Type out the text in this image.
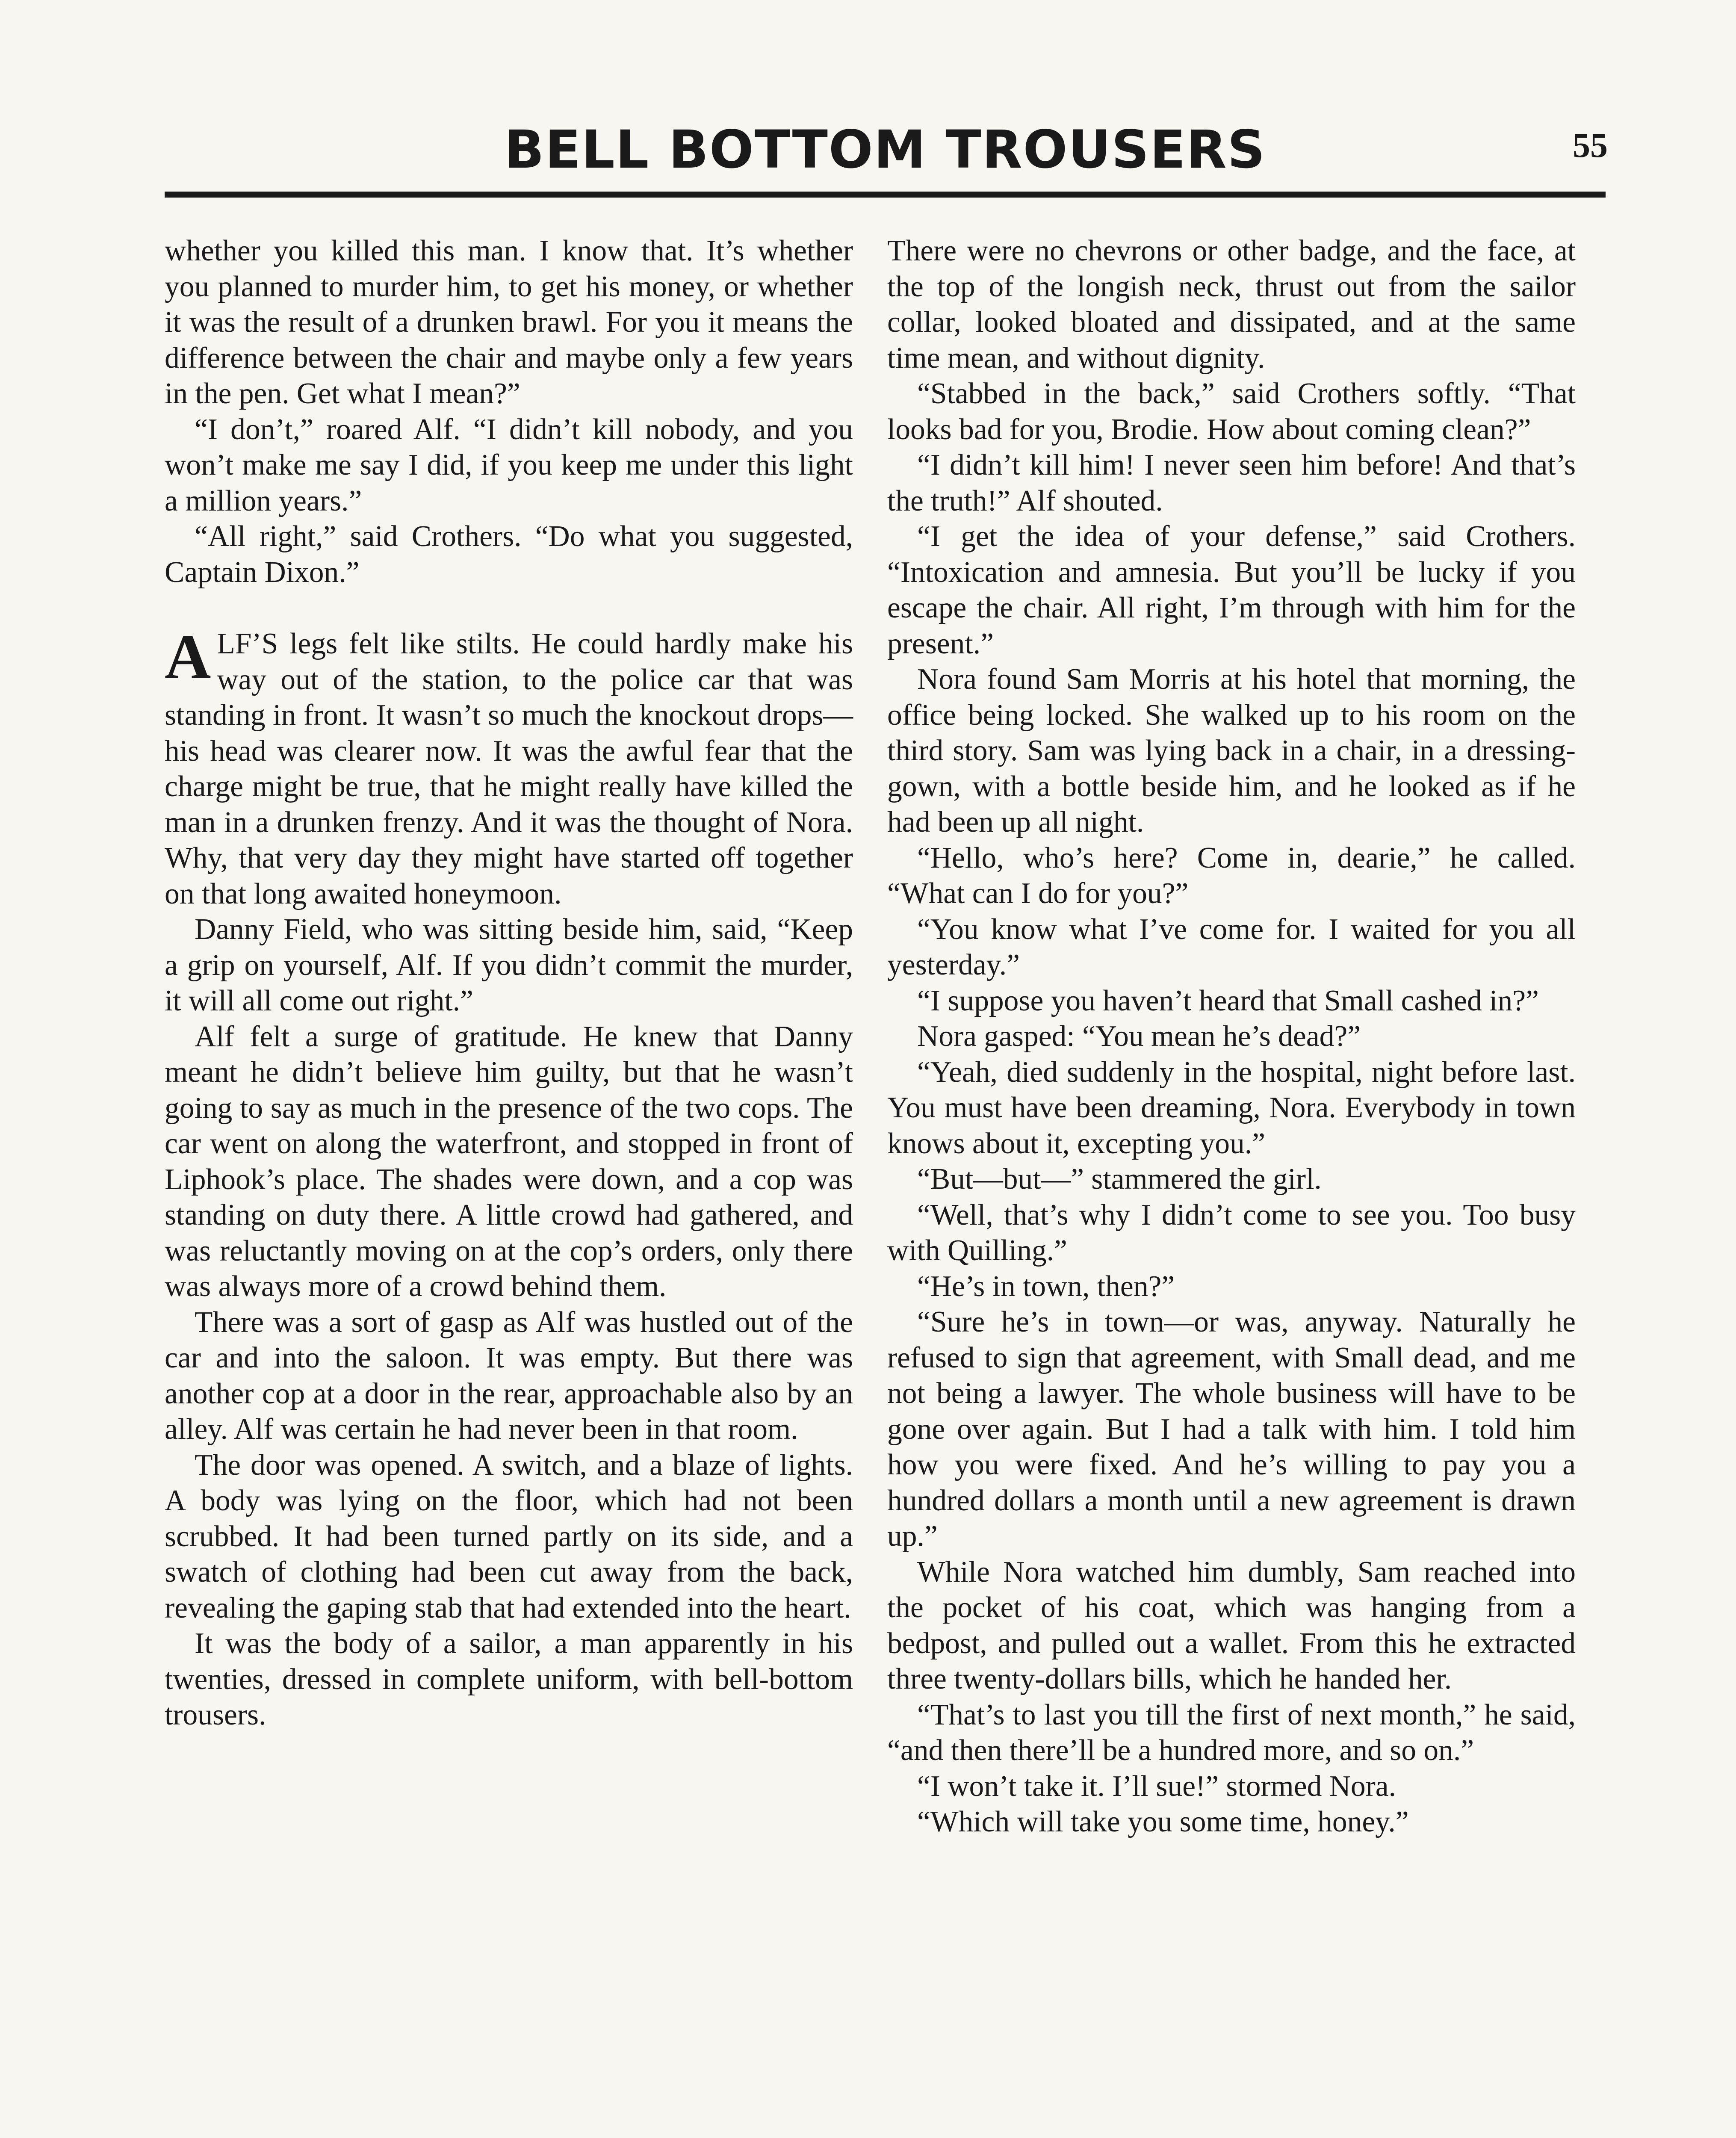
BELL BOTTOM TROUSERS	55

whether you killed this man. I know that. It’s whether you planned to murder him, to get his money, or whether it was the result of a drunken brawl. For you it means the difference between the chair and maybe only a few years in the pen. Get what I mean?”

“I don’t,” roared Alf. “I didn’t kill nobody, and you won’t make me say I did, if you keep me under this light a million years.”

“All right,” said Crothers. “Do what you suggested, Captain Dixon.”

ALF’S legs felt like stilts. He could hardly make his way out of the station, to the police car that was standing in front. It wasn’t so much the knockout drops—his head was clearer now. It was the awful fear that the charge might be true, that he might really have killed the man in a drunken frenzy. And it was the thought of Nora. Why, that very day they might have started off together on that long awaited honeymoon.

Danny Field, who was sitting beside him, said, “Keep a grip on yourself, Alf. If you didn’t commit the murder, it will all come out right.”

Alf felt a surge of gratitude. He knew that Danny meant he didn’t believe him guilty, but that he wasn’t going to say as much in the presence of the two cops. The car went on along the waterfront, and stopped in front of Liphook’s place. The shades were down, and a cop was standing on duty there. A little crowd had gathered, and was reluctantly moving on at the cop’s orders, only there was always more of a crowd behind them.

There was a sort of gasp as Alf was hustled out of the car and into the saloon. It was empty. But there was another cop at a door in the rear, approachable also by an alley. Alf was certain he had never been in that room.

The door was opened. A switch, and a blaze of lights. A body was lying on the floor, which had not been scrubbed. It had been turned partly on its side, and a swatch of clothing had been cut away from the back, revealing the gaping stab that had extended into the heart.

It was the body of a sailor, a man apparently in his twenties, dressed in complete uniform, with bell-bottom trousers.

There were no chevrons or other badge, and the face, at the top of the longish neck, thrust out from the sailor collar, looked bloated and dissipated, and at the same time mean, and without dignity.

“Stabbed in the back,” said Crothers softly. “That looks bad for you, Brodie. How about coming clean?”

“I didn’t kill him! I never seen him before! And that’s the truth!” Alf shouted.

“I get the idea of your defense,” said Crothers. “Intoxication and amnesia. But you’ll be lucky if you escape the chair. All right, I’m through with him for the present.”

Nora found Sam Morris at his hotel that morning, the office being locked. She walked up to his room on the third story. Sam was lying back in a chair, in a dressing-gown, with a bottle beside him, and he looked as if he had been up all night.

“Hello, who’s here? Come in, dearie,” he called. “What can I do for you?”

“You know what I’ve come for. I waited for you all yesterday.”

“I suppose you haven’t heard that Small cashed in?”

Nora gasped: “You mean he’s dead?”

“Yeah, died suddenly in the hospital, night before last. You must have been dreaming, Nora. Everybody in town knows about it, excepting you.”

“But—but—” stammered the girl.

“Well, that’s why I didn’t come to see you. Too busy with Quilling.”

“He’s in town, then?”

“Sure he’s in town—or was, anyway. Naturally he refused to sign that agreement, with Small dead, and me not being a lawyer. The whole business will have to be gone over again. But I had a talk with him. I told him how you were fixed. And he’s willing to pay you a hundred dollars a month until a new agreement is drawn up.”

While Nora watched him dumbly, Sam reached into the pocket of his coat, which was hanging from a bedpost, and pulled out a wallet. From this he extracted three twenty-dollars bills, which he handed her.

“That’s to last you till the first of next month,” he said, “and then there’ll be a hundred more, and so on.”

“I won’t take it. I’ll sue!” stormed Nora.

“Which will take you some time, honey.”
